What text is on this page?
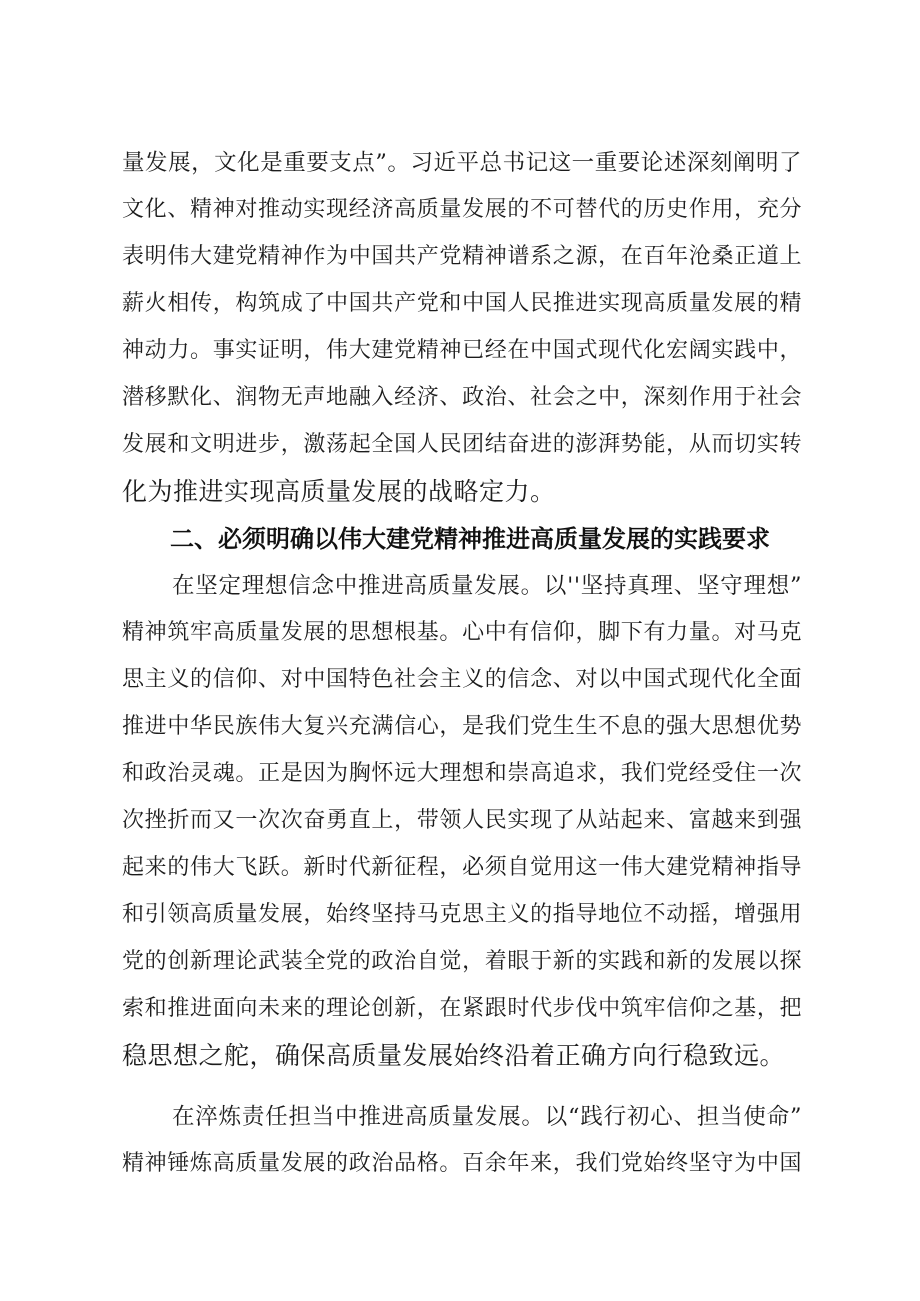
量发展，文化是重要支点”。习近平总书记这一重要论述深刻阐明了
文化、精神对推动实现经济高质量发展的不可替代的历史作用，充分
表明伟大建党精神作为中国共产党精神谱系之源，在百年沧桑正道上
薪火相传，构筑成了中国共产党和中国人民推进实现高质量发展的精
神动力。事实证明，伟大建党精神已经在中国式现代化宏阔实践中，
潜移默化、润物无声地融入经济、政治、社会之中，深刻作用于社会
发展和文明进步，激荡起全国人民团结奋进的澎湃势能，从而切实转
化为推进实现高质量发展的战略定力。
二、必须明确以伟大建党精神推进高质量发展的实践要求
在坚定理想信念中推进高质量发展。以''坚持真理、坚守理想”
精神筑牢高质量发展的思想根基。心中有信仰，脚下有力量。对马克
思主义的信仰、对中国特色社会主义的信念、对以中国式现代化全面
推进中华民族伟大复兴充满信心，是我们党生生不息的强大思想优势
和政治灵魂。正是因为胸怀远大理想和崇高追求，我们党经受住一次
次挫折而又一次次奋勇直上，带领人民实现了从站起来、富越来到强
起来的伟大飞跃。新时代新征程，必须自觉用这一伟大建党精神指导
和引领高质量发展，始终坚持马克思主义的指导地位不动摇，增强用
党的创新理论武装全党的政治自觉，着眼于新的实践和新的发展以探
索和推进面向未来的理论创新，在紧跟时代步伐中筑牢信仰之基，把
稳思想之舵，确保高质量发展始终沿着正确方向行稳致远。
在淬炼责任担当中推进高质量发展。以“践行初心、担当使命”
精神锤炼高质量发展的政治品格。百余年来，我们党始终坚守为中国
